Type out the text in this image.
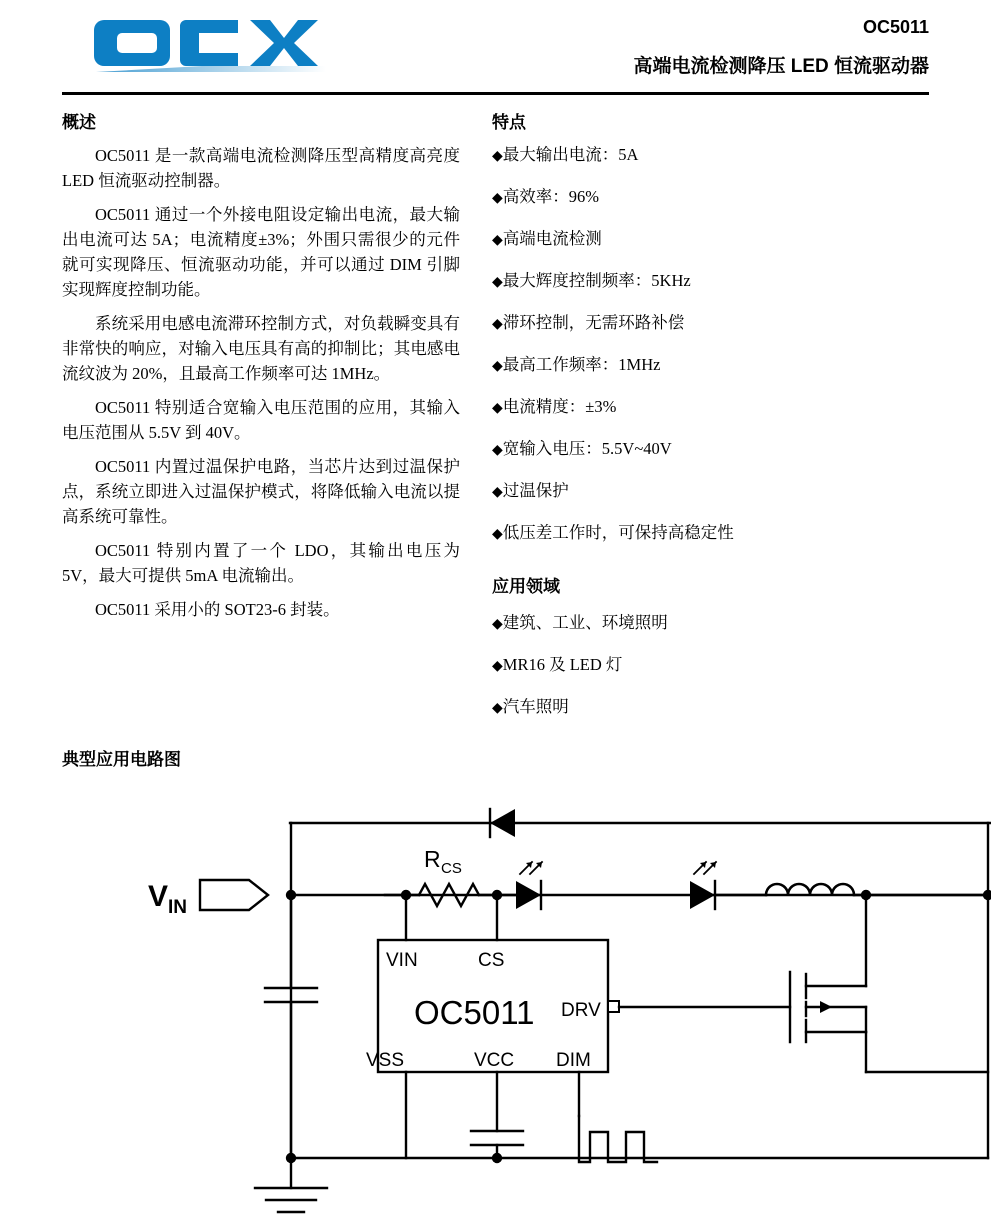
OC5011
高端电流检测降压 LED 恒流驱动器
概述

OC5011 是一款高端电流检测降压型高精度高亮度 LED 恒流驱动控制器。

OC5011 通过一个外接电阻设定输出电流，最大输出电流可达 5A；电流精度±3%；外围只需很少的元件就可实现降压、恒流驱动功能，并可以通过 DIM 引脚实现辉度控制功能。

系统采用电感电流滞环控制方式，对负载瞬变具有非常快的响应，对输入电压具有高的抑制比；其电感电流纹波为 20%，且最高工作频率可达 1MHz。

OC5011 特别适合宽输入电压范围的应用，其输入电压范围从 5.5V 到 40V。

OC5011 内置过温保护电路，当芯片达到过温保护点，系统立即进入过温保护模式，将降低输入电流以提高系统可靠性。

OC5011 特别内置了一个 LDO，其输出电压为 5V，最大可提供 5mA 电流输出。

OC5011 采用小的 SOT23-6 封装。

特点
◆最大输出电流：5A
◆高效率：96%
◆高端电流检测
◆最大辉度控制频率：5KHz
◆滞环控制，无需环路补偿
◆最高工作频率：1MHz
◆电流精度：±3%
◆宽输入电压：5.5V~40V
◆过温保护
◆低压差工作时，可保持高稳定性
应用领域
◆建筑、工业、环境照明
◆MR16 及 LED 灯
◆汽车照明
典型应用电路图
V IN
R CS
VIN	CS
OC5011 DRV
VSS	VCC DIM
